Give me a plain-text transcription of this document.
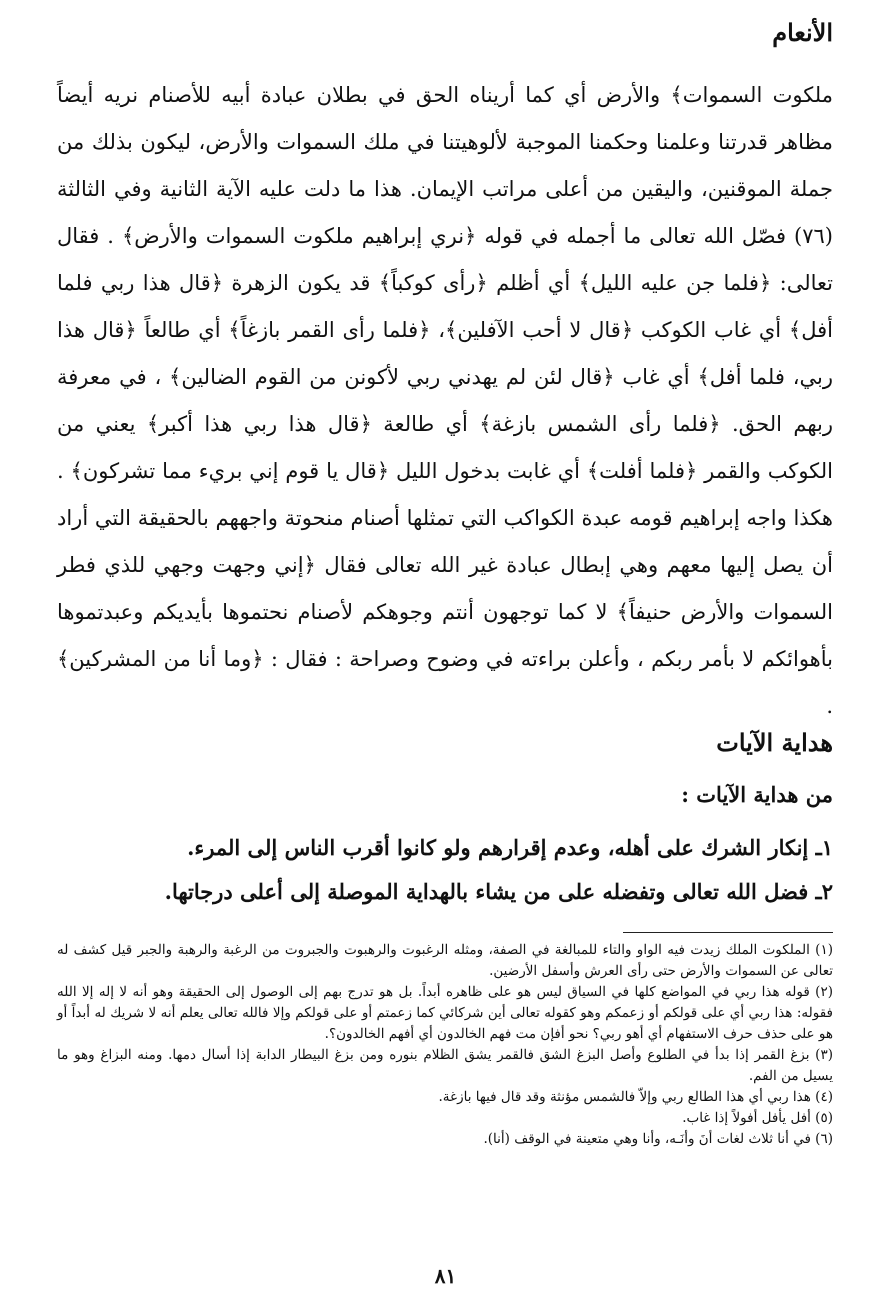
الأنعام

ملكوت السموات﴾ والأرض أي كما أريناه الحق في بطلان عبادة أبيه للأصنام نريه أيضاً مظاهر قدرتنا وعلمنا وحكمنا الموجبة لألوهيتنا في ملك السموات والأرض، ليكون بذلك من جملة الموقنين، واليقين من أعلى مراتب الإيمان. هذا ما دلت عليه الآية الثانية وفي الثالثة (٧٦) فصّل الله تعالى ما أجمله في قوله ﴿نري إبراهيم ملكوت السموات والأرض﴾ . فقال تعالى: ﴿فلما جن عليه الليل﴾ أي أظلم ﴿رأى كوكباً﴾ قد يكون الزهرة ﴿قال هذا ربي فلما أفل﴾ أي غاب الكوكب ﴿قال لا أحب الآفلين﴾، ﴿فلما رأى القمر بازغاً﴾ أي طالعاً ﴿قال هذا ربي، فلما أفل﴾ أي غاب ﴿قال لئن لم يهدني ربي لأكونن من القوم الضالين﴾ ، في معرفة ربهم الحق. ﴿فلما رأى الشمس بازغة﴾ أي طالعة ﴿قال هذا ربي هذا أكبر﴾ يعني من الكوكب والقمر ﴿فلما أفلت﴾ أي غابت بدخول الليل ﴿قال يا قوم إني بريء مما تشركون﴾ . هكذا واجه إبراهيم قومه عبدة الكواكب التي تمثلها أصنام منحوتة واجههم بالحقيقة التي أراد أن يصل إليها معهم وهي إبطال عبادة غير الله تعالى فقال ﴿إني وجهت وجهي للذي فطر السموات والأرض حنيفاً﴾ لا كما توجهون أنتم وجوهكم لأصنام نحتموها بأيديكم وعبدتموها بأهوائكم لا بأمر ربكم ، وأعلن براءته في وضوح وصراحة : فقال : ﴿وما أنا من المشركين﴾ .

هداية الآيات
من هداية الآيات :
١ـ إنكار الشرك على أهله، وعدم إقرارهم ولو كانوا أقرب الناس إلى المرء.
٢ـ فضل الله تعالى وتفضله على من يشاء بالهداية الموصلة إلى أعلى درجاتها.
(١) الملكوت الملك زيدت فيه الواو والتاء للمبالغة في الصفة، ومثله الرغبوت والرهبوت والجبروت من الرغبة والرهبة والجبر قيل كشف له تعالى عن السموات والأرض حتى رأى العرش وأسفل الأرضين.
(٢) قوله هذا ربي في المواضع كلها في السياق ليس هو على ظاهره أبداً. بل هو تدرج بهم إلى الوصول إلى الحقيقة وهو أنه لا إله إلا الله فقوله: هذا ربي أي على قولكم أو زعمكم وهو كقوله تعالى أين شركائي كما زعمتم أو على قولكم وإلا فالله تعالى يعلم أنه لا شريك له أبداً أو هو على حذف حرف الاستفهام أي أهو ربي؟ نحو أفإن مت فهم الخالدون أي أفهم الخالدون؟.
(٣) بزغ القمر إذا بدأ في الطلوع وأصل البزغ الشق فالقمر يشق الظلام بنوره ومن بزغ البيطار الدابة إذا أسال دمها. ومنه البزاغ وهو ما يسيل من الفم.
(٤) هذا ربي أي هذا الطالع ربي وإلاّ فالشمس مؤنثة وقد قال فيها بازغة.
(٥) أفل يأفل أفولاً إذا غاب.
(٦) في أنا ثلاث لغات أنَ وأنَـه، وأنا وهي متعينة في الوقف (أنا).
٨١
